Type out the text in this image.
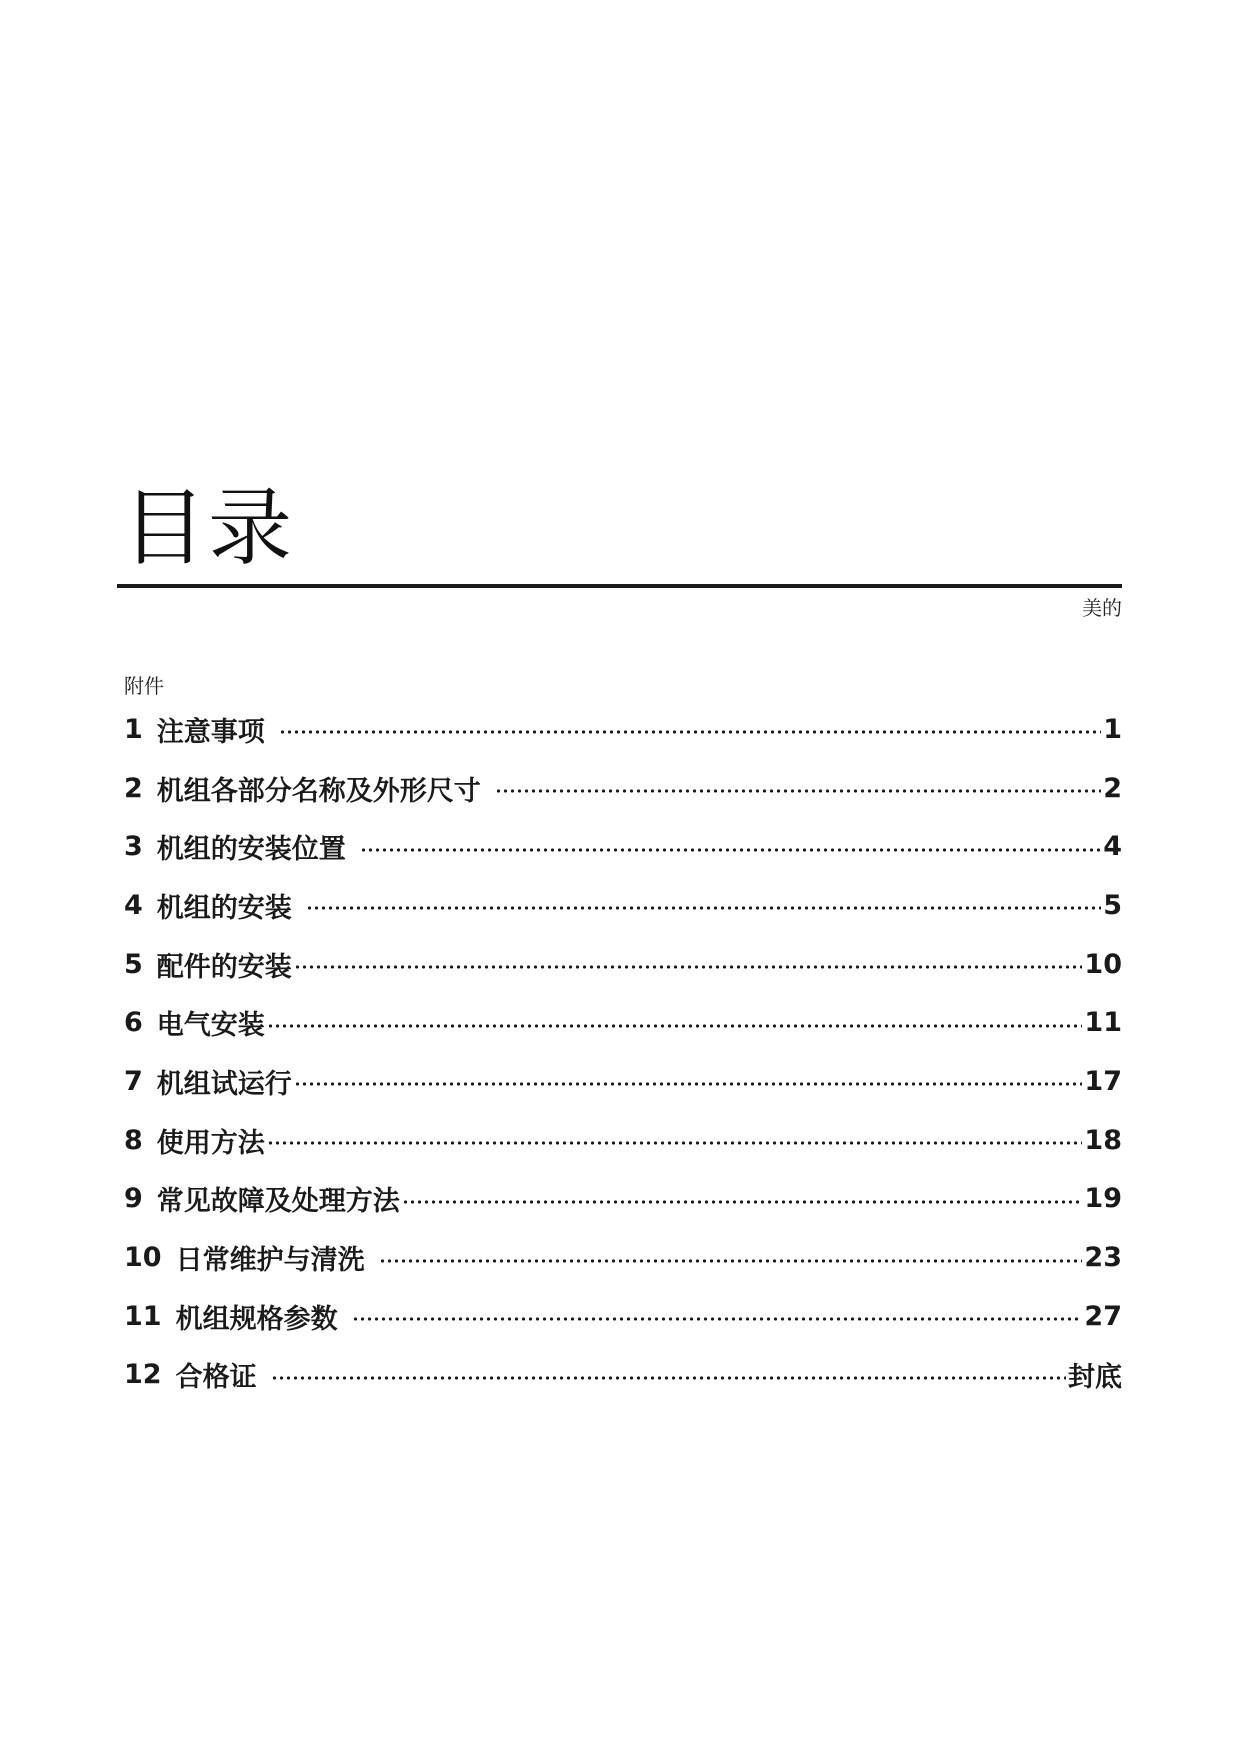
目录
美的
附件
1 注意事项	1
2 机组各部分名称及外形尺寸	2
3 机组的安装位置	4
4 机组的安装	5
5 配件的安装	10
6 电气安装	11
7 机组试运行	17
8 使用方法	18
9 常见故障及处理方法	19
10 日常维护与清洗	23
11 机组规格参数	27
12 合格证	封底
